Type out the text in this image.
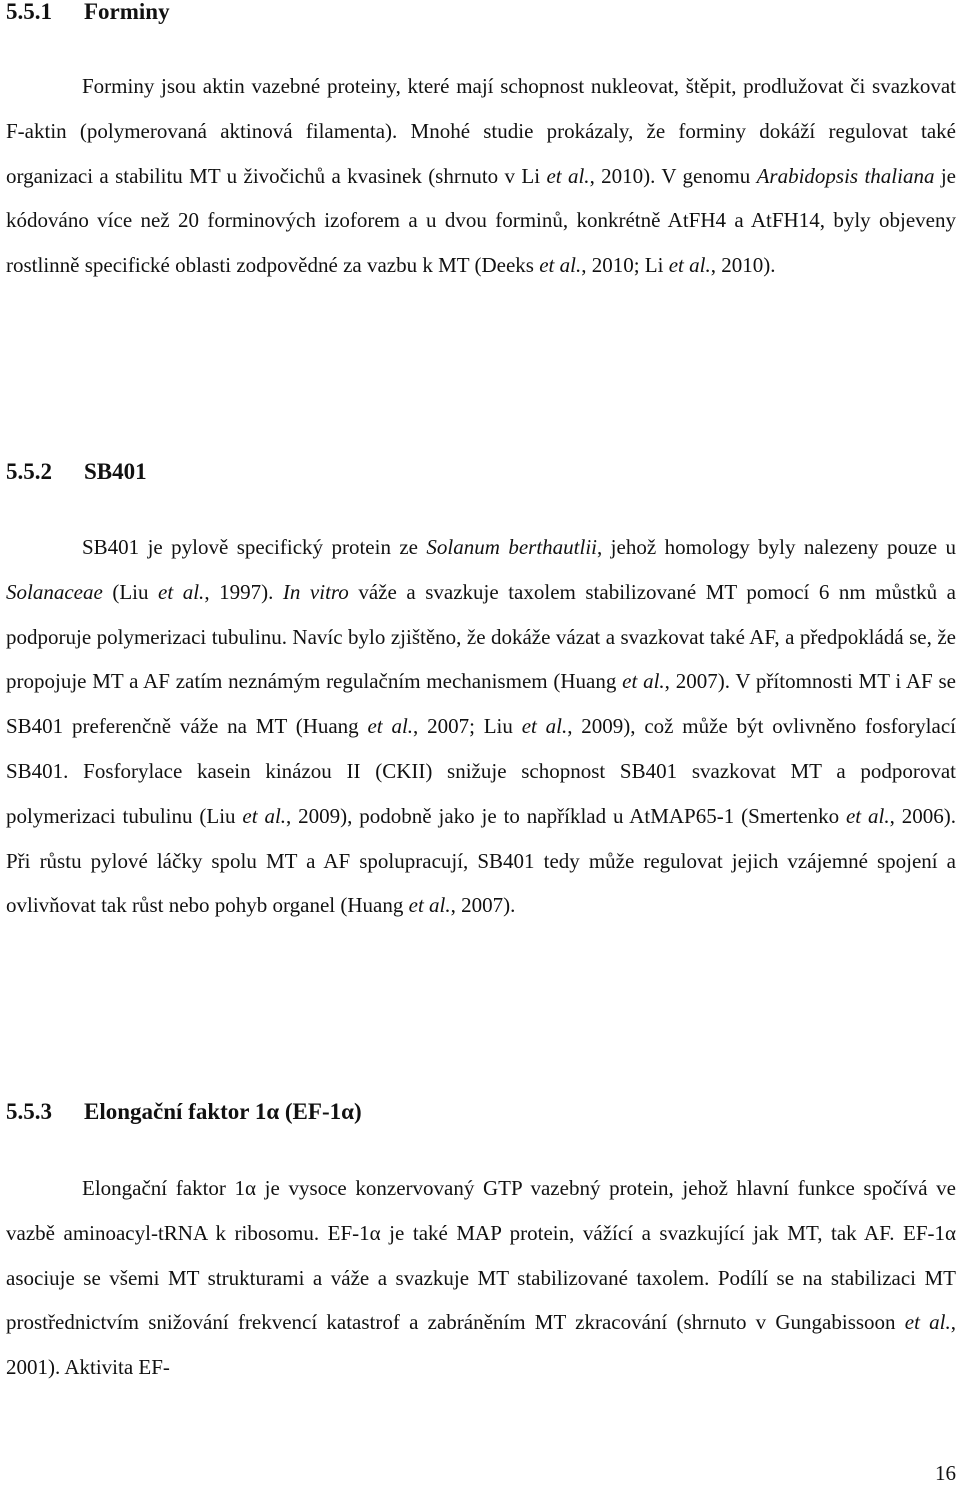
5.5.1 Forminy

Forminy jsou aktin vazebné proteiny, které mají schopnost nukleovat, štěpit, prodlužovat či svazkovat F-aktin (polymerovaná aktinová filamenta). Mnohé studie prokázaly, že forminy dokáží regulovat také organizaci a stabilitu MT u živočichů a kvasinek (shrnuto v Li et al., 2010). V genomu Arabidopsis thaliana je kódováno více než 20 forminových izoforem a u dvou forminů, konkrétně AtFH4 a AtFH14, byly objeveny rostlinně specifické oblasti zodpovědné za vazbu k MT (Deeks et al., 2010; Li et al., 2010).

5.5.2 SB401

SB401 je pylově specifický protein ze Solanum berthautlii, jehož homology byly nalezeny pouze u Solanaceae (Liu et al., 1997). In vitro váže a svazkuje taxolem stabilizované MT pomocí 6 nm můstků a podporuje polymerizaci tubulinu. Navíc bylo zjištěno, že dokáže vázat a svazkovat také AF, a předpokládá se, že propojuje MT a AF zatím neznámým regulačním mechanismem (Huang et al., 2007). V přítomnosti MT i AF se SB401 preferenčně váže na MT (Huang et al., 2007; Liu et al., 2009), což může být ovlivněno fosforylací SB401. Fosforylace kasein kinázou II (CKII) snižuje schopnost SB401 svazkovat MT a podporovat polymerizaci tubulinu (Liu et al., 2009), podobně jako je to například u AtMAP65-1 (Smertenko et al., 2006). Při růstu pylové láčky spolu MT a AF spolupracují, SB401 tedy může regulovat jejich vzájemné spojení a ovlivňovat tak růst nebo pohyb organel (Huang et al., 2007).

5.5.3 Elongační faktor 1α (EF-1α)

Elongační faktor 1α je vysoce konzervovaný GTP vazebný protein, jehož hlavní funkce spočívá ve vazbě aminoacyl-tRNA k ribosomu. EF-1α je také MAP protein, vážící a svazkující jak MT, tak AF. EF-1α asociuje se všemi MT strukturami a váže a svazkuje MT stabilizované taxolem. Podílí se na stabilizaci MT prostřednictvím snižování frekvencí katastrof a zabráněním MT zkracování (shrnuto v Gungabissoon et al., 2001). Aktivita EF-

16
